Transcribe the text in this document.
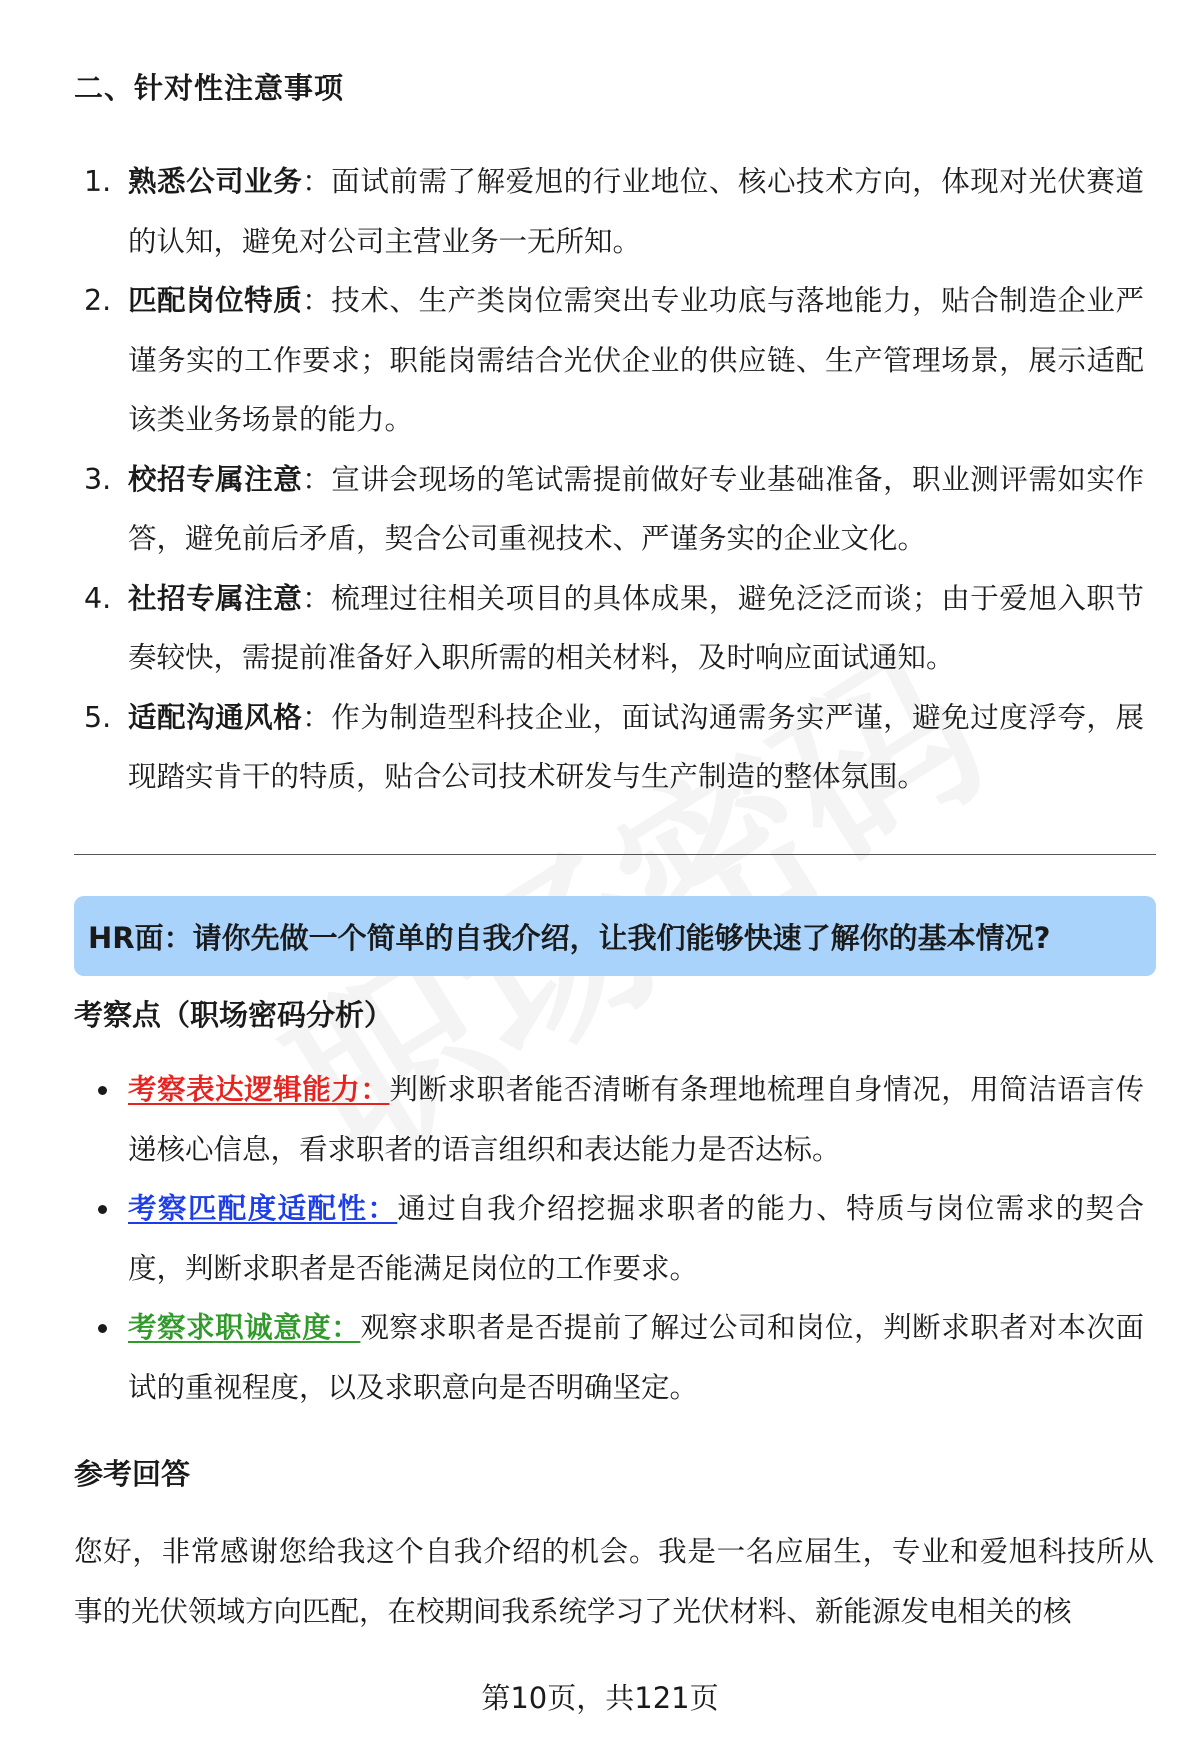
二、针对性注意事项
1. 熟悉公司业务：面试前需了解爱旭的行业地位、核心技术方向，体现对光伏赛道的认知，避免对公司主营业务一无所知。
2. 匹配岗位特质：技术、生产类岗位需突出专业功底与落地能力，贴合制造企业严谨务实的工作要求；职能岗需结合光伏企业的供应链、生产管理场景，展示适配该类业务场景的能力。
3. 校招专属注意：宣讲会现场的笔试需提前做好专业基础准备，职业测评需如实作答，避免前后矛盾，契合公司重视技术、严谨务实的企业文化。
4. 社招专属注意：梳理过往相关项目的具体成果，避免泛泛而谈；由于爱旭入职节奏较快，需提前准备好入职所需的相关材料，及时响应面试通知。
5. 适配沟通风格：作为制造型科技企业，面试沟通需务实严谨，避免过度浮夸，展现踏实肯干的特质，贴合公司技术研发与生产制造的整体氛围。
HR面：请你先做一个简单的自我介绍，让我们能够快速了解你的基本情况?
考察点（职场密码分析）
考察表达逻辑能力：判断求职者能否清晰有条理地梳理自身情况，用简洁语言传递核心信息，看求职者的语言组织和表达能力是否达标。
考察匹配度适配性：通过自我介绍挖掘求职者的能力、特质与岗位需求的契合度，判断求职者是否能满足岗位的工作要求。
考察求职诚意度：观察求职者是否提前了解过公司和岗位，判断求职者对本次面试的重视程度，以及求职意向是否明确坚定。
参考回答

您好，非常感谢您给我这个自我介绍的机会。我是一名应届生，专业和爱旭科技所从事的光伏领域方向匹配，在校期间我系统学习了光伏材料、新能源发电相关的核

第10页，共121页
